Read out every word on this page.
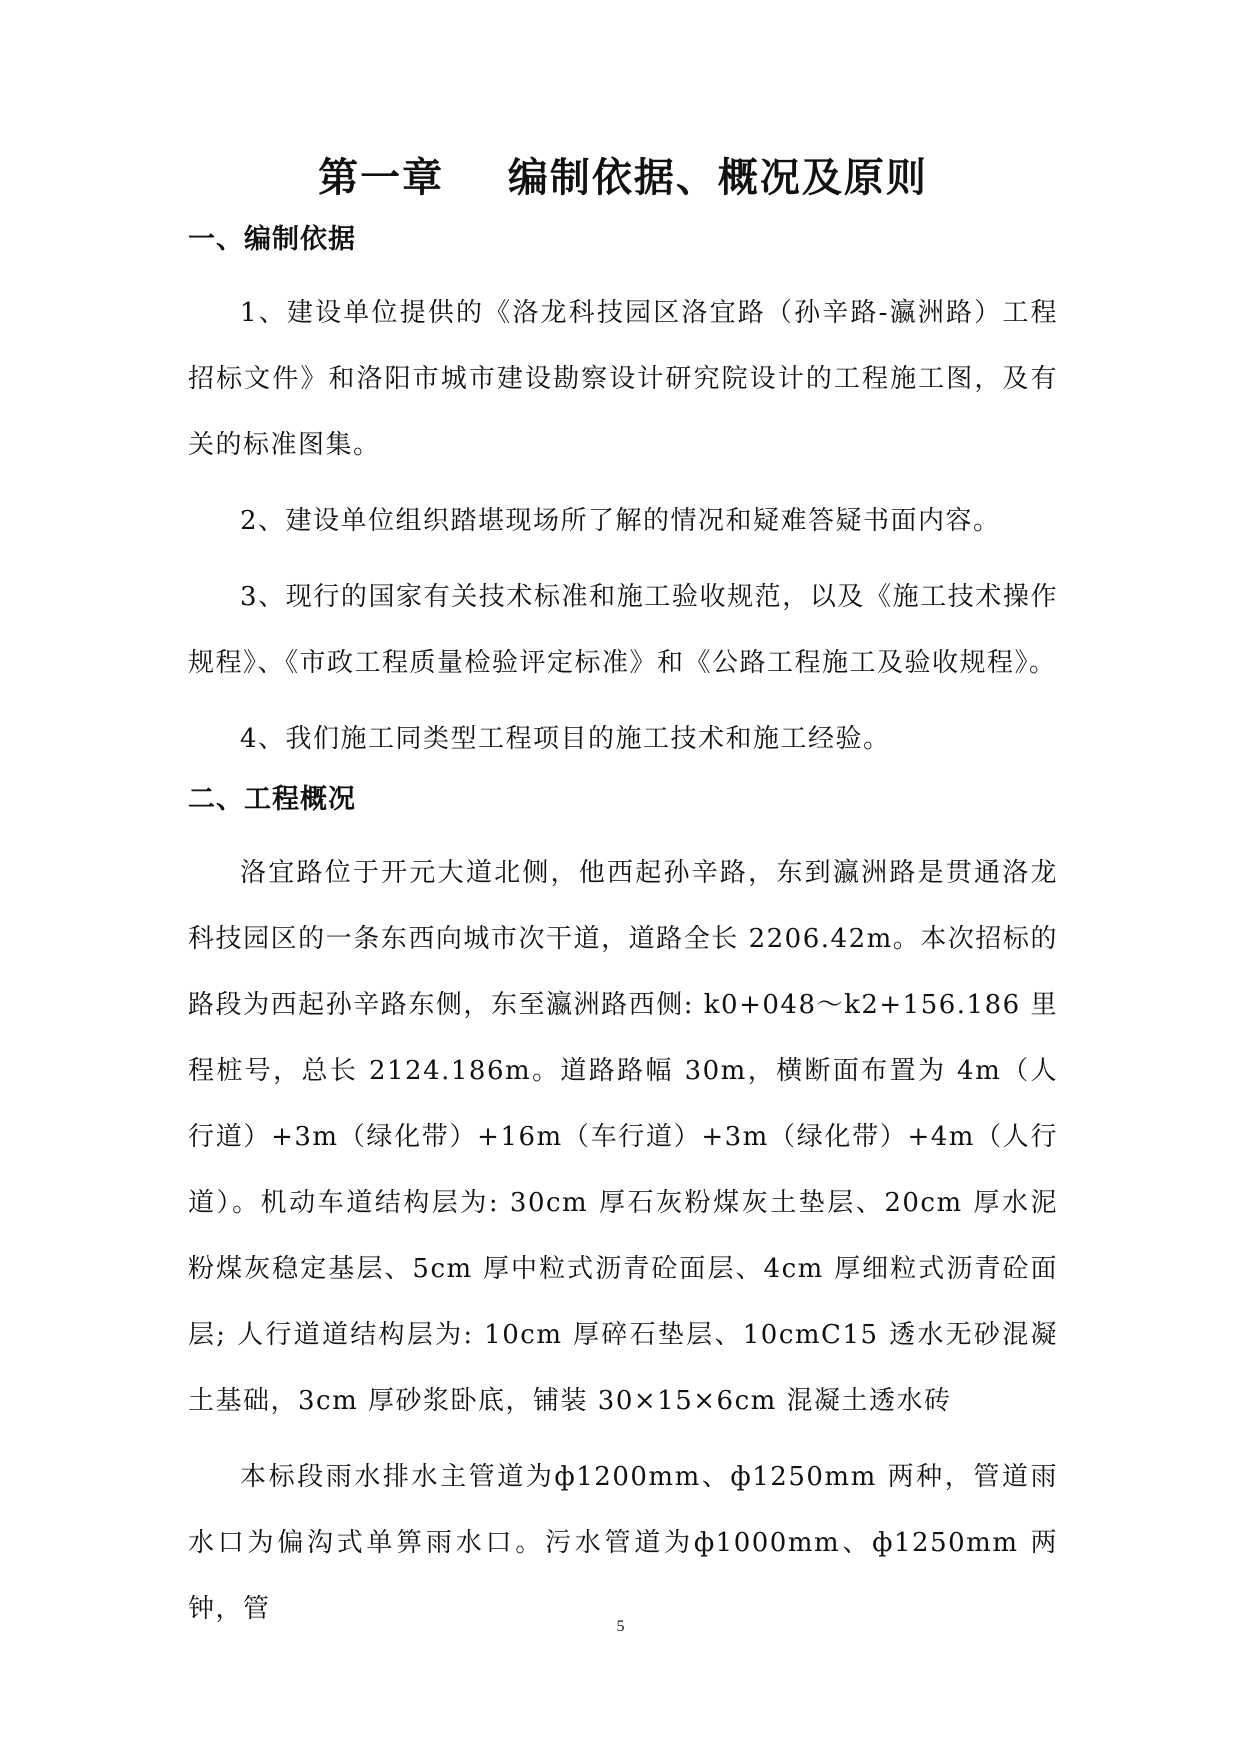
第一章    编制依据、概况及原则
一、编制依据

1、建设单位提供的《洛龙科技园区洛宜路（孙辛路-瀛洲路）工程招标文件》和洛阳市城市建设勘察设计研究院设计的工程施工图，及有关的标准图集。

2、建设单位组织踏堪现场所了解的情况和疑难答疑书面内容。

3、现行的国家有关技术标准和施工验收规范，以及《施工技术操作规程》、《市政工程质量检验评定标准》和《公路工程施工及验收规程》。

4、我们施工同类型工程项目的施工技术和施工经验。

二、工程概况

洛宜路位于开元大道北侧，他西起孙辛路，东到瀛洲路是贯通洛龙科技园区的一条东西向城市次干道，道路全长 2206.42m。本次招标的路段为西起孙辛路东侧，东至瀛洲路西侧: k0+048～k2+156.186 里程桩号，总长 2124.186m。道路路幅 30m，横断面布置为 4m（人行道）+3m（绿化带）+16m（车行道）+3m（绿化带）+4m（人行道）。机动车道结构层为: 30cm 厚石灰粉煤灰土垫层、20cm 厚水泥粉煤灰稳定基层、5cm 厚中粒式沥青砼面层、4cm 厚细粒式沥青砼面层; 人行道道结构层为: 10cm 厚碎石垫层、10cmC15 透水无砂混凝土基础，3cm 厚砂浆卧底，铺装 30×15×6cm 混凝土透水砖

本标段雨水排水主管道为ф1200mm、ф1250mm 两种，管道雨水口为偏沟式单箅雨水口。污水管道为ф1000mm、ф1250mm 两钟，管

5
